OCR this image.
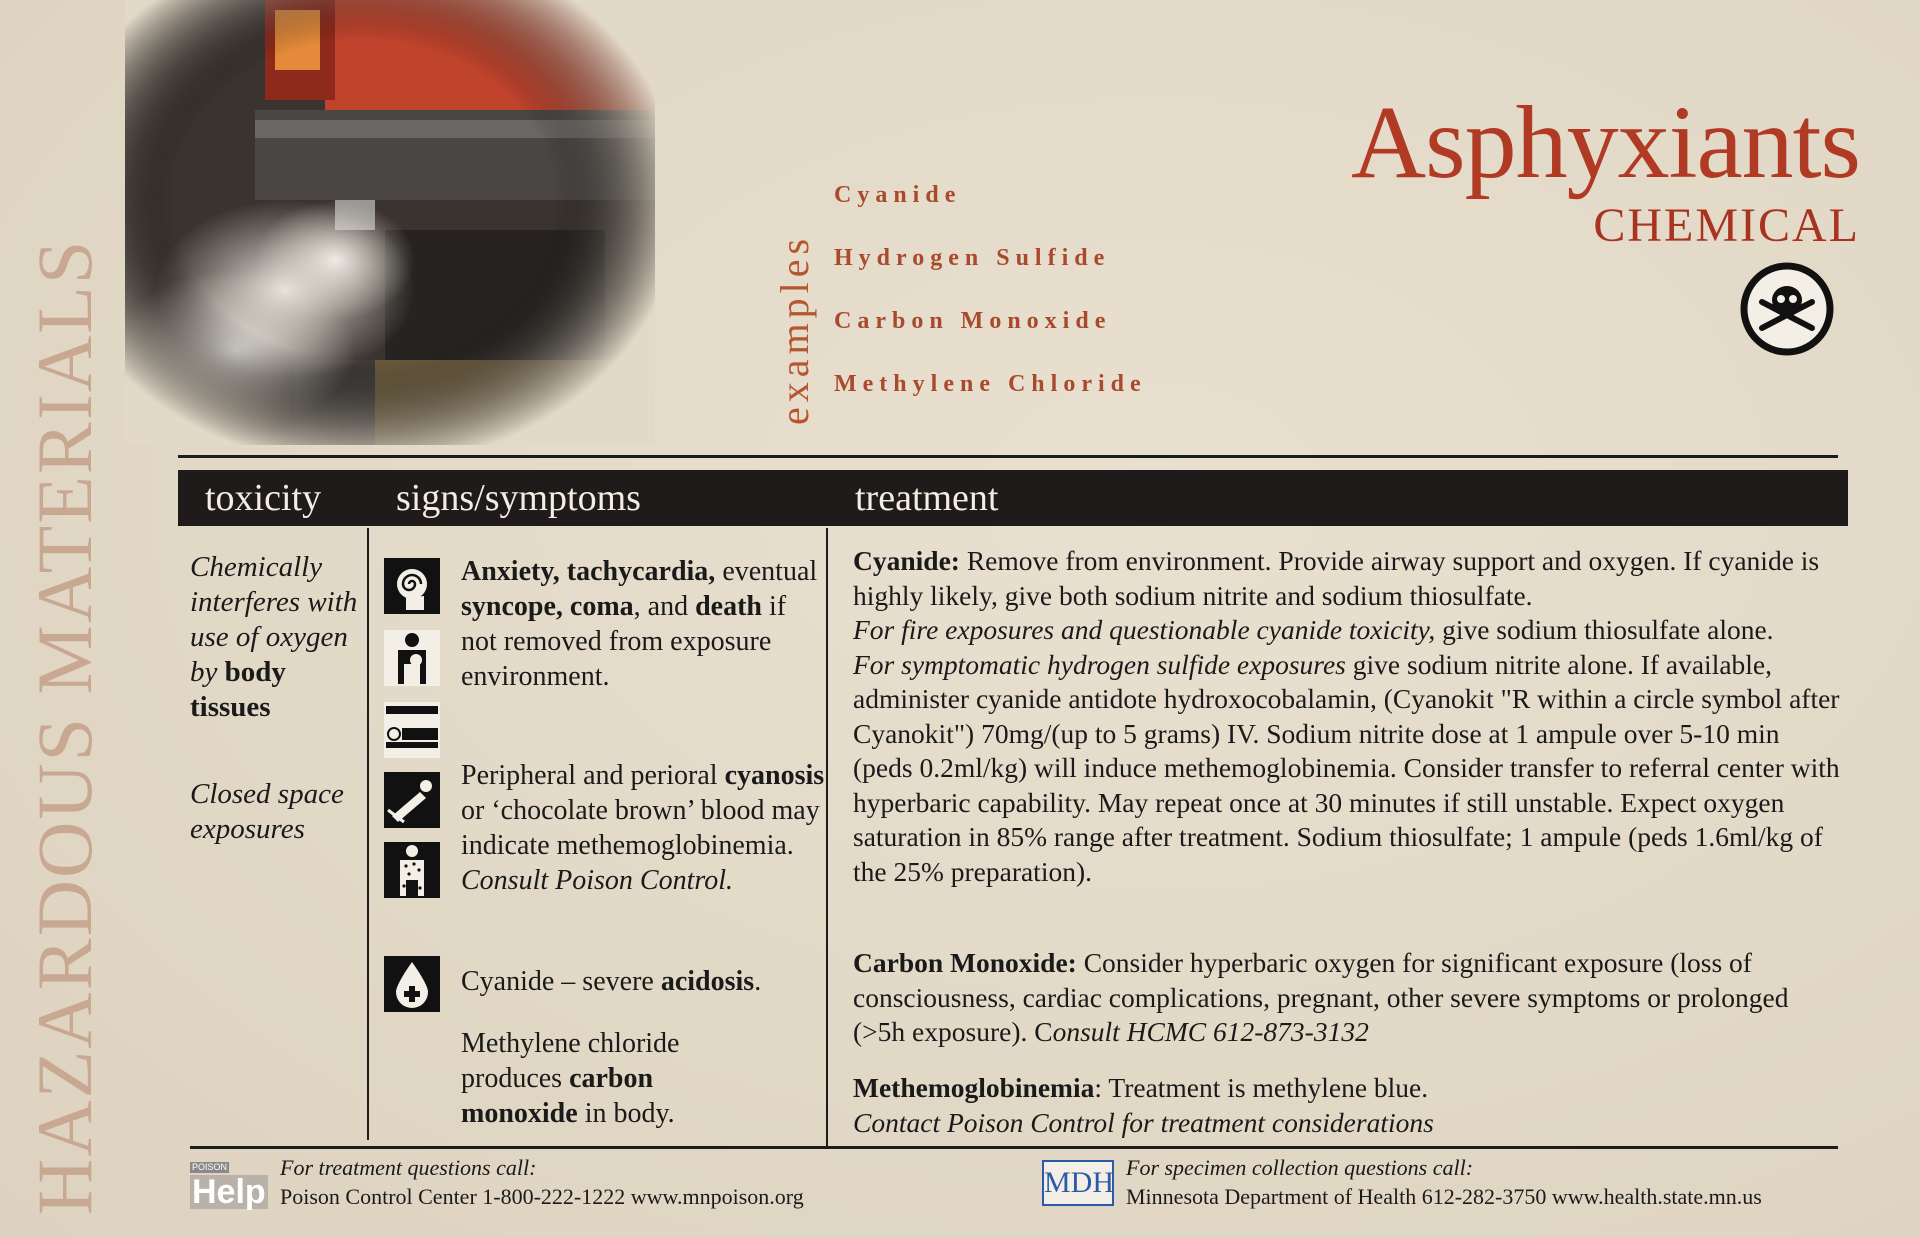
HAZARDOUS MATERIALS	examples
Cyanide
Hydrogen Sulfide
Carbon Monoxide
Methylene Chloride
Asphyxiants
CHEMICAL
toxicity signs/symptoms	treatment
Chemically interferes with use of oxygen by body tissues
Closed space exposures
Anxiety, tachycardia, eventual syncope, coma, and death if not removed from exposure environment.
Peripheral and perioral cyanosis or ‘chocolate brown’ blood may indicate methemoglobinemia.
Consult Poison Control.
Cyanide – severe acidosis.
Methylene chloride produces carbon monoxide in body.
Cyanide: Remove from environment. Provide airway support and oxygen. If cyanide is highly likely, give both sodium nitrite and sodium thiosulfate.
For fire exposures and questionable cyanide toxicity, give sodium thiosulfate alone.
For symptomatic hydrogen sulfide exposures give sodium nitrite alone. If available, administer cyanide antidote hydroxocobalamin, (Cyanokit "R within a circle symbol after Cyanokit") 70mg/(up to 5 grams) IV. Sodium nitrite dose at 1 ampule over 5-10 min (peds 0.2ml/kg) will induce methemoglobinemia. Consider transfer to referral center with hyperbaric capability. May repeat once at 30 minutes if still unstable. Expect oxygen saturation in 85% range after treatment. Sodium thiosulfate; 1 ampule (peds 1.6ml/kg of the 25% preparation).
Carbon Monoxide: Consider hyperbaric oxygen for significant exposure (loss of consciousness, cardiac complications, pregnant, other severe symptoms or prolonged (>5h exposure). Consult HCMC 612-873-3132
Methemoglobinemia: Treatment is methylene blue.
Contact Poison Control for treatment considerations
POISON Help
For treatment questions call:
Poison Control Center 1-800-222-1222 www.mnpoison.org	MDH For specimen collection questions call:
Minnesota Department of Health 612-282-3750 www.health.state.mn.us
